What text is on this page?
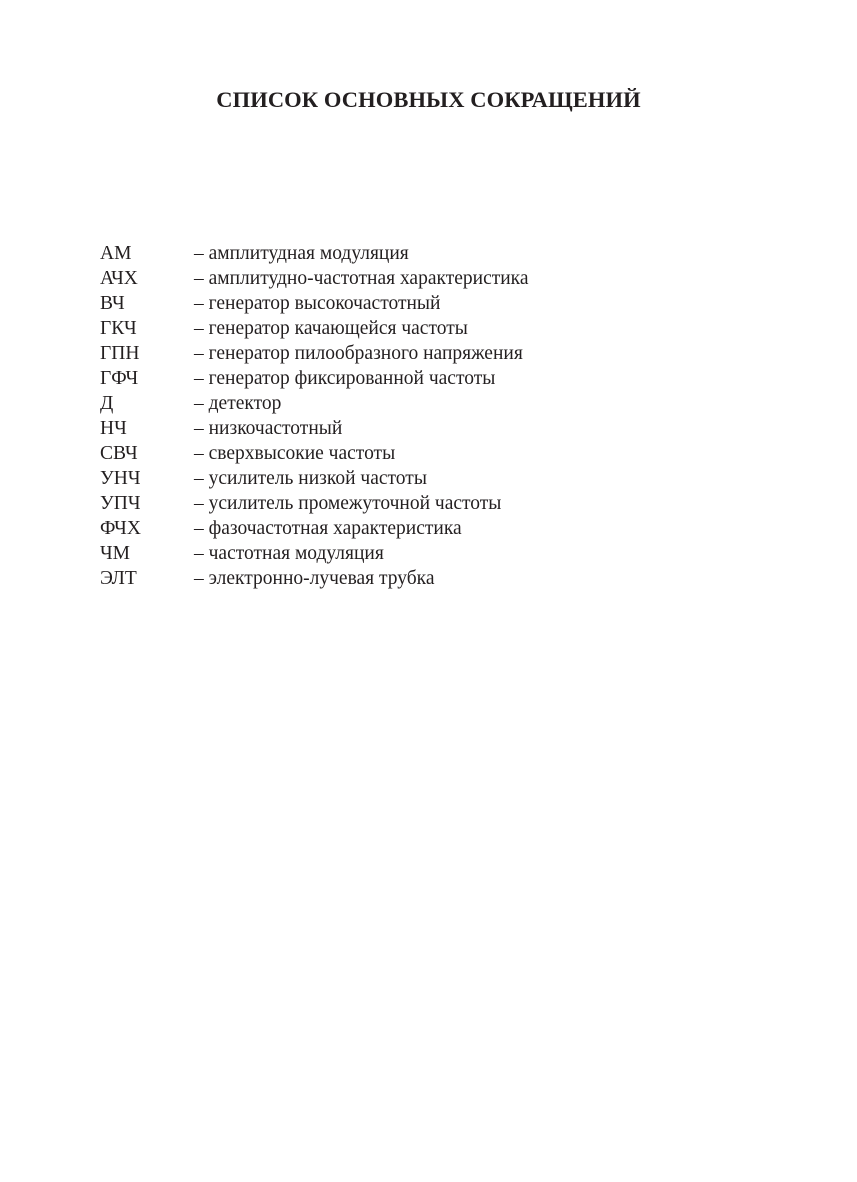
СПИСОК ОСНОВНЫХ СОКРАЩЕНИЙ
АМ	– амплитудная модуляция
АЧХ	– амплитудно-частотная характеристика
ВЧ	– генератор высокочастотный
ГКЧ	– генератор качающейся частоты
ГПН	– генератор пилообразного напряжения
ГФЧ	– генератор фиксированной частоты
Д	– детектор
НЧ	– низкочастотный
СВЧ	– сверхвысокие частоты
УНЧ	– усилитель низкой частоты
УПЧ	– усилитель промежуточной частоты
ФЧХ	– фазочастотная характеристика
ЧМ	– частотная модуляция
ЭЛТ	– электронно-лучевая трубка
